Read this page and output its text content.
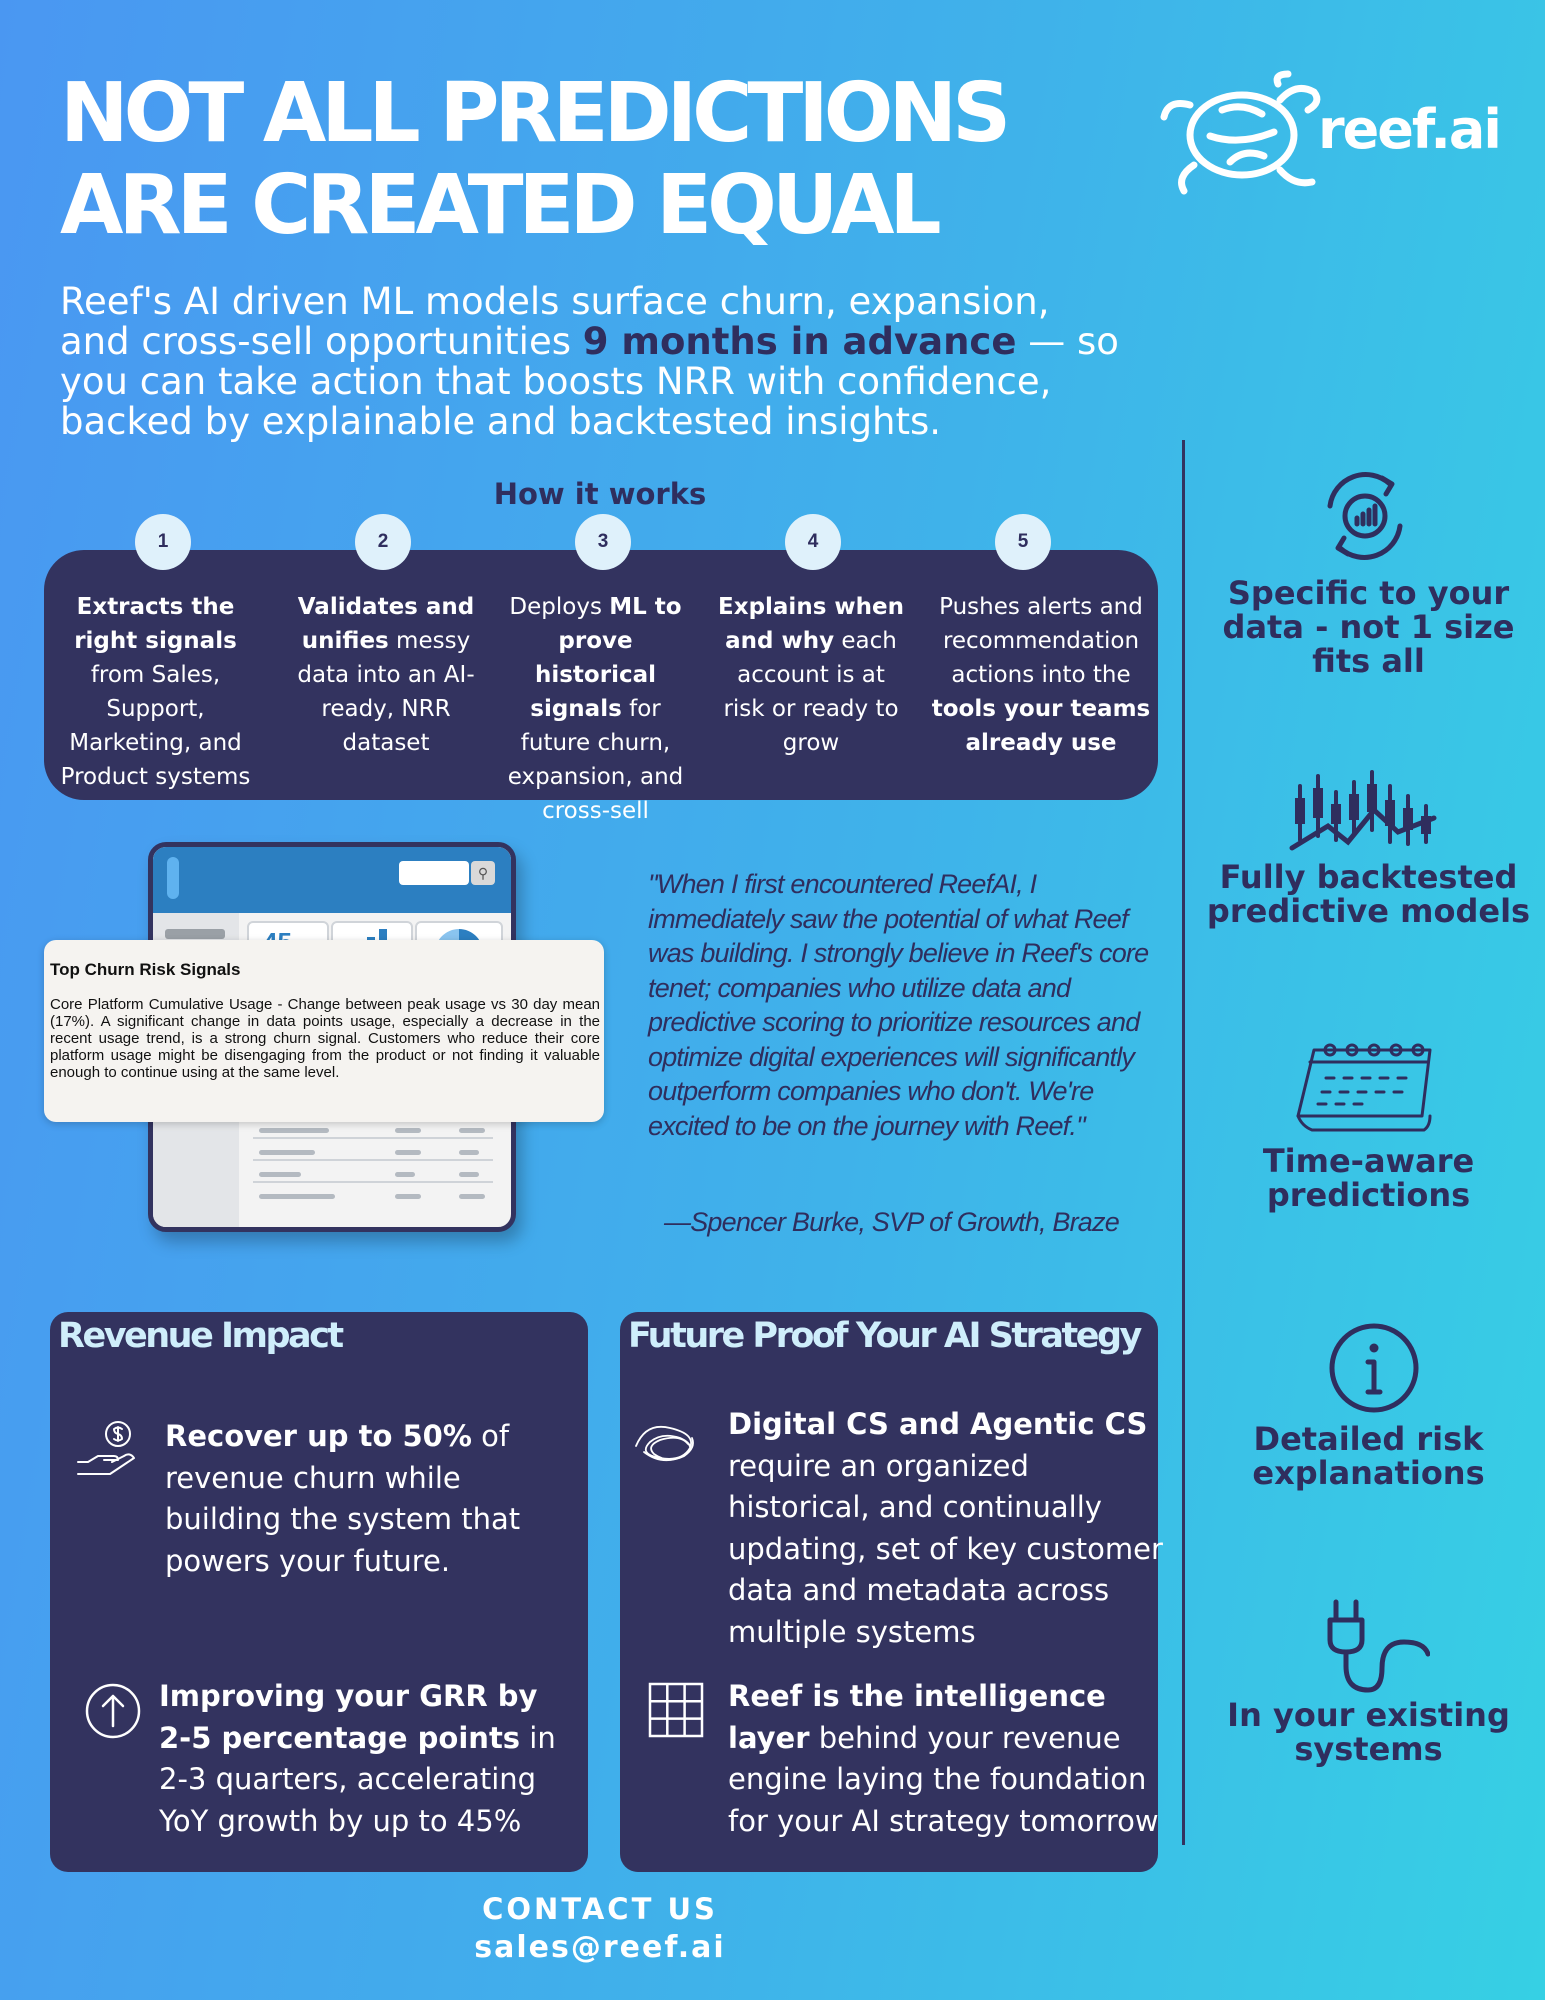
NOT ALL PREDICTIONS
ARE CREATED EQUAL
reef.ai

Reef's AI driven ML models surface churn, expansion, and cross-sell opportunities 9 months in advance — so you can take action that boosts NRR with confidence, backed by explainable and backtested insights.

How it works
1	2	3	4	5
Extracts the right signals from Sales, Support, Marketing, and Product systems
Validates and unifies messy data into an AI-ready, NRR dataset
Deploys ML to prove historical signals for future churn, expansion, and cross-sell
Explains when and why each account is at risk or ready to grow
Pushes alerts and recommendation actions into the tools your teams already use
⚲
Top Churn Risk Signals
Core Platform Cumulative Usage - Change between peak usage vs 30 day mean (17%). A significant change in data points usage, especially a decrease in the recent usage trend, is a strong churn signal. Customers who reduce their core platform usage might be disengaging from the product or not finding it valuable enough to continue using at the same level.

"When I first encountered ReefAI, I immediately saw the potential of what Reef was building. I strongly believe in Reef's core tenet; companies who utilize data and predictive scoring to prioritize resources and optimize digital experiences will significantly outperform companies who don't. We're excited to be on the journey with Reef."

—Spencer Burke, SVP of Growth, Braze
Revenue Impact
Recover up to 50% of revenue churn while building the system that powers your future.
Improving your GRR by 2-5 percentage points in 2-3 quarters, accelerating YoY growth by up to 45%
Future Proof Your AI Strategy
Digital CS and Agentic CS require an organized historical, and continually updating, set of key customer data and metadata across multiple systems
Reef is the intelligence layer behind your revenue engine laying the foundation for your AI strategy tomorrow
Specific to your data - not 1 size fits all
Fully backtested predictive models
Time-aware predictions
Detailed risk explanations
In your existing systems
CONTACT US
sales@reef.ai
